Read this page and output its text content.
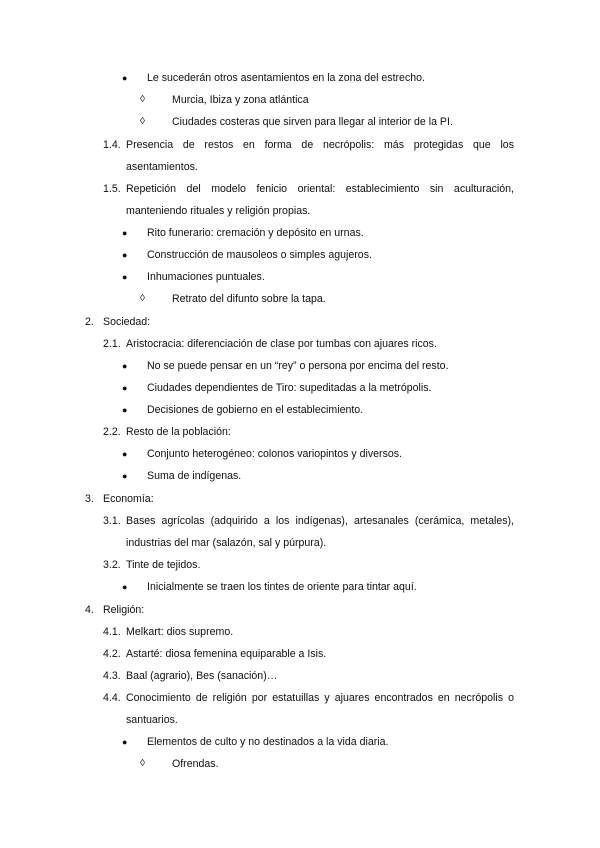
● Le sucederán otros asentamientos en la zona del estrecho.
◊	Murcia, Ibiza y zona atlántica
◊	Ciudades costeras que sirven para llegar al interior de la PI.
1.4. Presencia de restos en forma de necrópolis: más protegidas que los
asentamientos.
1.5. Repetición del modelo fenicio oriental: establecimiento sin aculturación,
manteniendo rituales y religión propias.
● Rito funerario: cremación y depósito en urnas.
● Construcción de mausoleos o simples agujeros.
● Inhumaciones puntuales.
◊	Retrato del difunto sobre la tapa.
2. Sociedad:
2.1. Aristocracia: diferenciación de clase por tumbas con ajuares ricos.
● No se puede pensar en un “rey” o persona por encima del resto.
● Ciudades dependientes de Tiro: supeditadas a la metrópolis.
● Decisiones de gobierno en el establecimiento.
2.2. Resto de la población:
● Conjunto heterogéneo: colonos variopintos y diversos.
● Suma de indígenas.
3. Economía:
3.1. Bases agrícolas (adquirido a los indígenas), artesanales (cerámica, metales),
industrias del mar (salazón, sal y púrpura).
3.2. Tinte de tejidos.
● Inicialmente se traen los tintes de oriente para tintar aquí.
4. Religión:
4.1. Melkart: dios supremo.
4.2. Astarté: diosa femenina equiparable a Isis.
4.3. Baal (agrario), Bes (sanación)…
4.4. Conocimiento de religión por estatuillas y ajuares encontrados en necrópolis o
santuarios.
● Elementos de culto y no destinados a la vida diaria.
◊	Ofrendas.
